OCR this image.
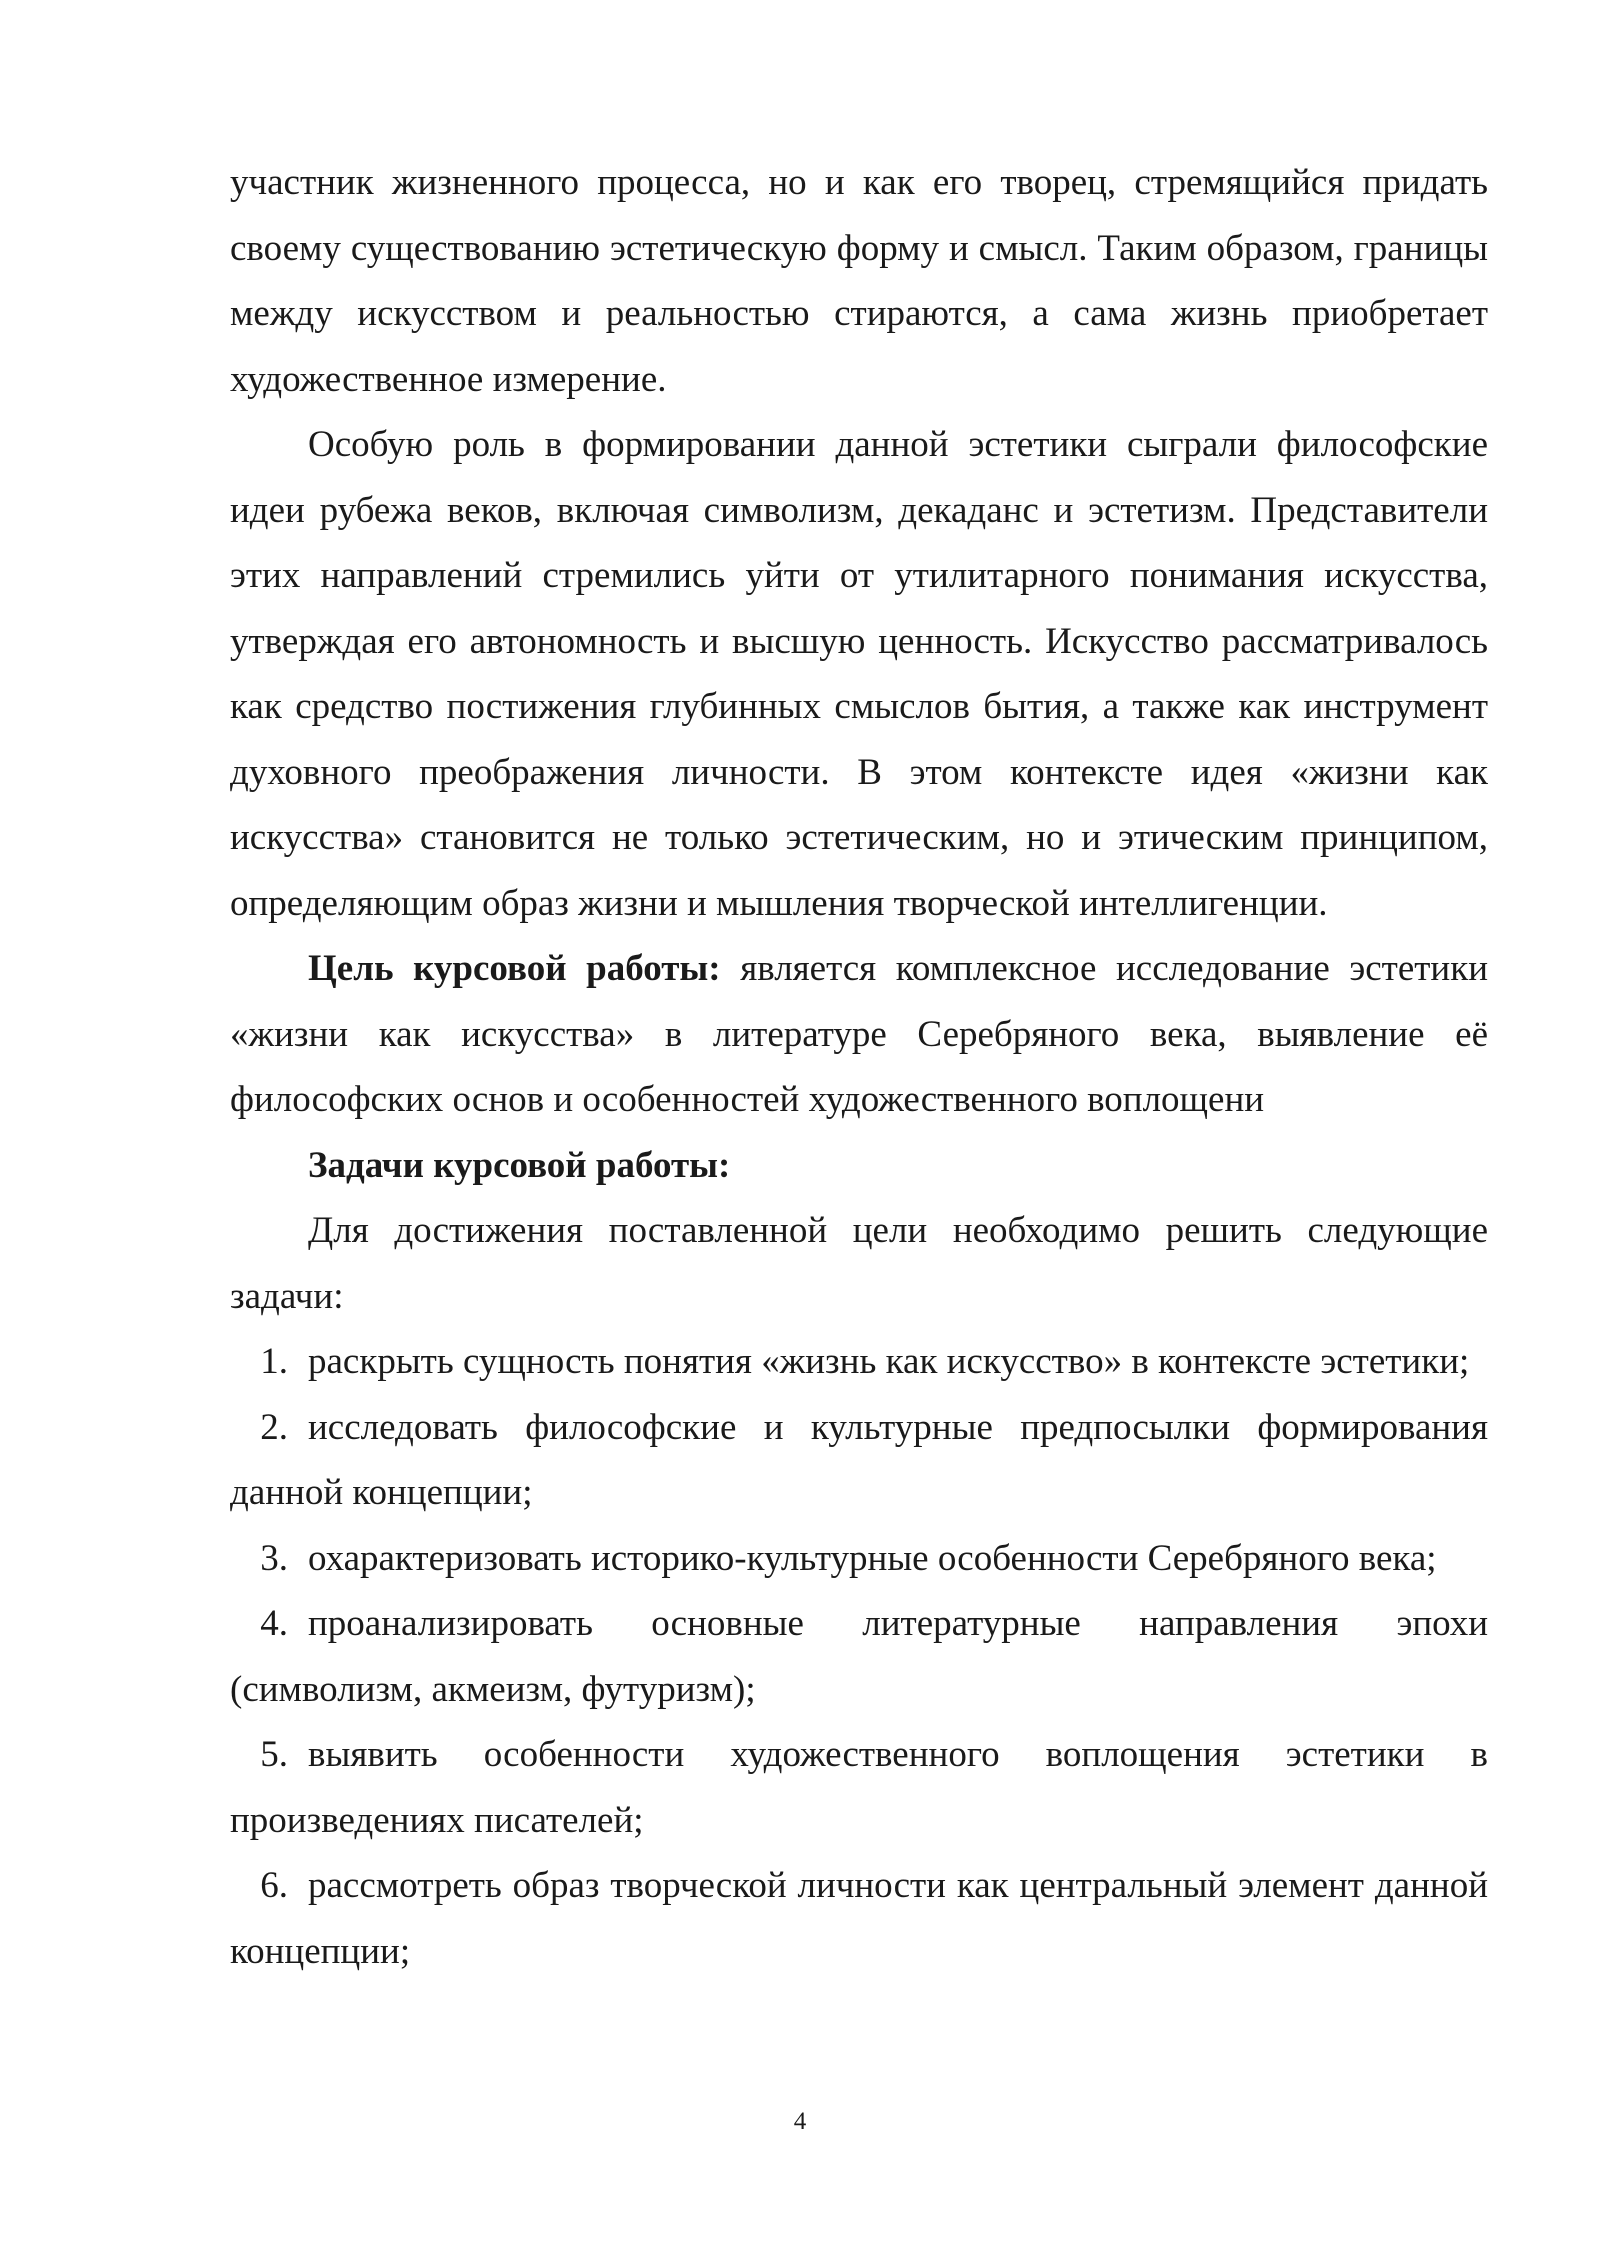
участник жизненного процесса, но и как его творец, стремящийся придать своему существованию эстетическую форму и смысл. Таким образом, границы между искусством и реальностью стираются, а сама жизнь приобретает художественное измерение.

Особую роль в формировании данной эстетики сыграли философские идеи рубежа веков, включая символизм, декаданс и эстетизм. Представители этих направлений стремились уйти от утилитарного понимания искусства, утверждая его автономность и высшую ценность. Искусство рассматривалось как средство постижения глубинных смыслов бытия, а также как инструмент духовного преображения личности. В этом контексте идея «жизни как искусства» становится не только эстетическим, но и этическим принципом, определяющим образ жизни и мышления творческой интеллигенции.

Цель курсовой работы: является комплексное исследование эстетики «жизни как искусства» в литературе Серебряного века, выявление её философских основ и особенностей художественного воплощени

Задачи курсовой работы:

Для достижения поставленной цели необходимо решить следующие задачи:

1. раскрыть сущность понятия «жизнь как искусство» в контексте эстетики;

2. исследовать философские и культурные предпосылки формирования данной концепции;

3. охарактеризовать историко-культурные особенности Серебряного века;

4. проанализировать основные литературные направления эпохи (символизм, акмеизм, футуризм);

5. выявить особенности художественного воплощения эстетики в произведениях писателей;

6. рассмотреть образ творческой личности как центральный элемент данной концепции;

4
